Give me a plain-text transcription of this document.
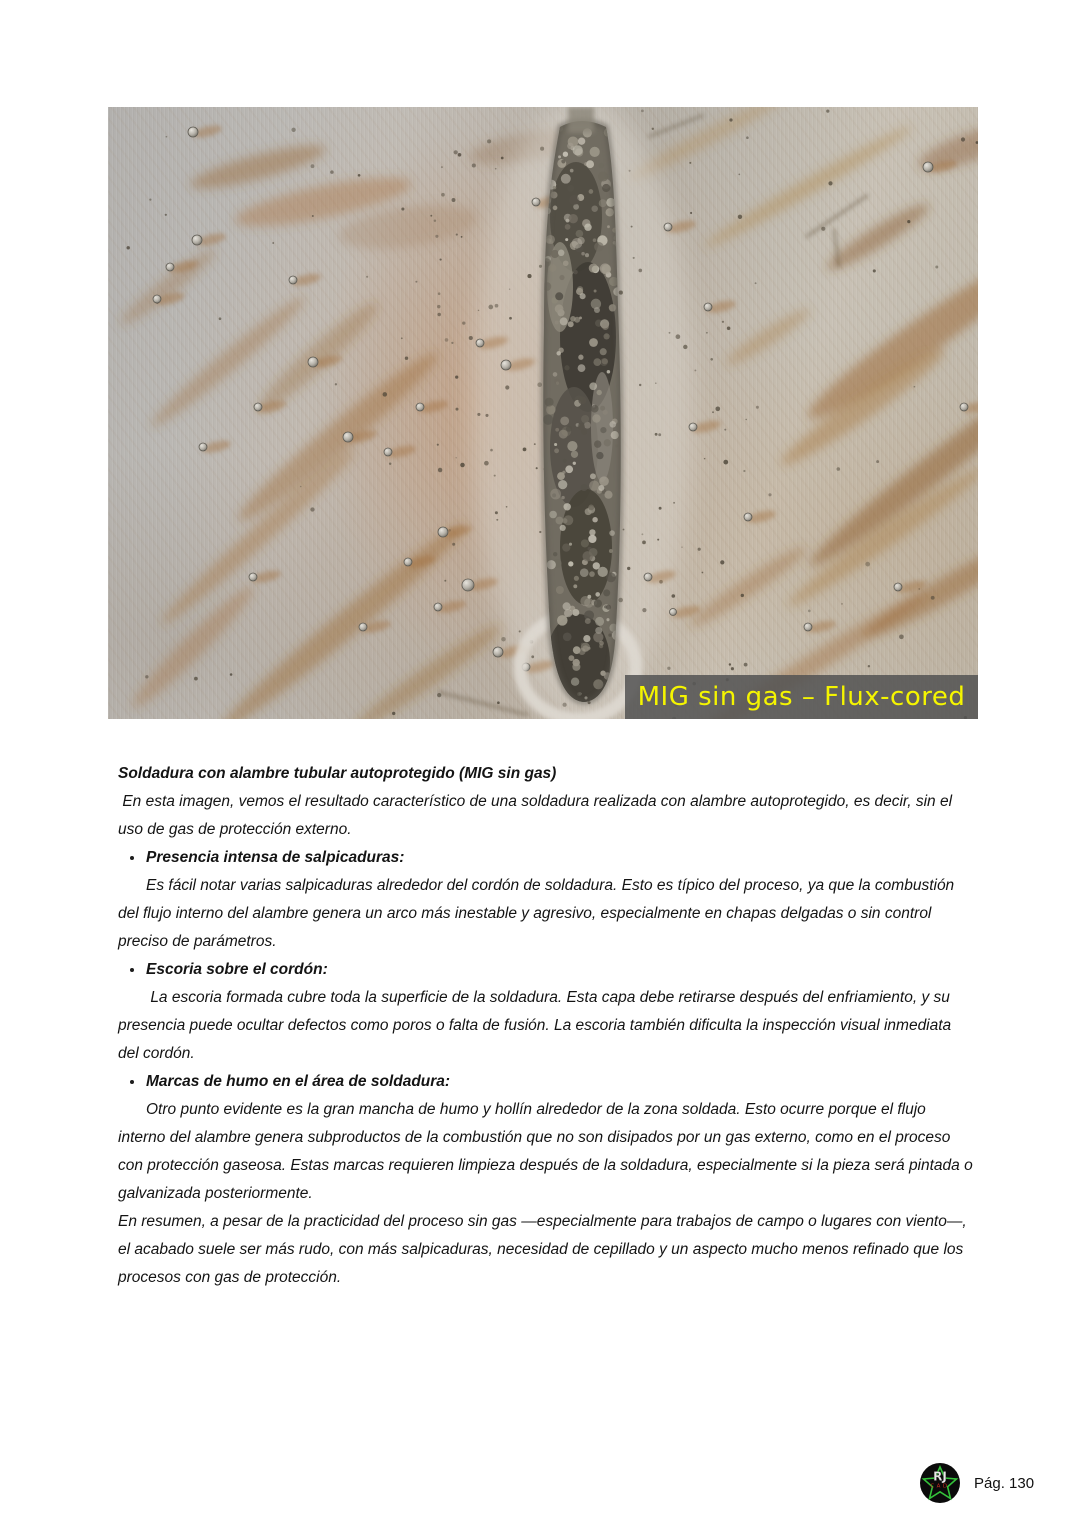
MIG sin gas – Flux-cored
Soldadura con alambre tubular autoprotegido (MIG sin gas)

En esta imagen, vemos el resultado característico de una soldadura realizada con alambre autoprotegido, es decir, sin el uso de gas de protección externo.

Presencia intensa de salpicaduras:

Es fácil notar varias salpicaduras alrededor del cordón de soldadura. Esto es típico del proceso, ya que la combustión del flujo interno del alambre genera un arco más inestable y agresivo, especialmente en chapas delgadas o sin control preciso de parámetros.

Escoria sobre el cordón:

La escoria formada cubre toda la superficie de la soldadura. Esta capa debe retirarse después del enfriamiento, y su presencia puede ocultar defectos como poros o falta de fusión. La escoria también dificulta la inspección visual inmediata del cordón.

Marcas de humo en el área de soldadura:

Otro punto evidente es la gran mancha de humo y hollín alrededor de la zona soldada. Esto ocurre porque el flujo interno del alambre genera subproductos de la combustión que no son disipados por un gas externo, como en el proceso con protección gaseosa. Estas marcas requieren limpieza después de la soldadura, especialmente si la pieza será pintada o galvanizada posteriormente.

En resumen, a pesar de la practicidad del proceso sin gas —especialmente para trabajos de campo o lugares con viento—, el acabado suele ser más rudo, con más salpicaduras, necesidad de cepillado y un aspecto mucho menos refinado que los procesos con gas de protección.

RJ
CAD Pág. 130
